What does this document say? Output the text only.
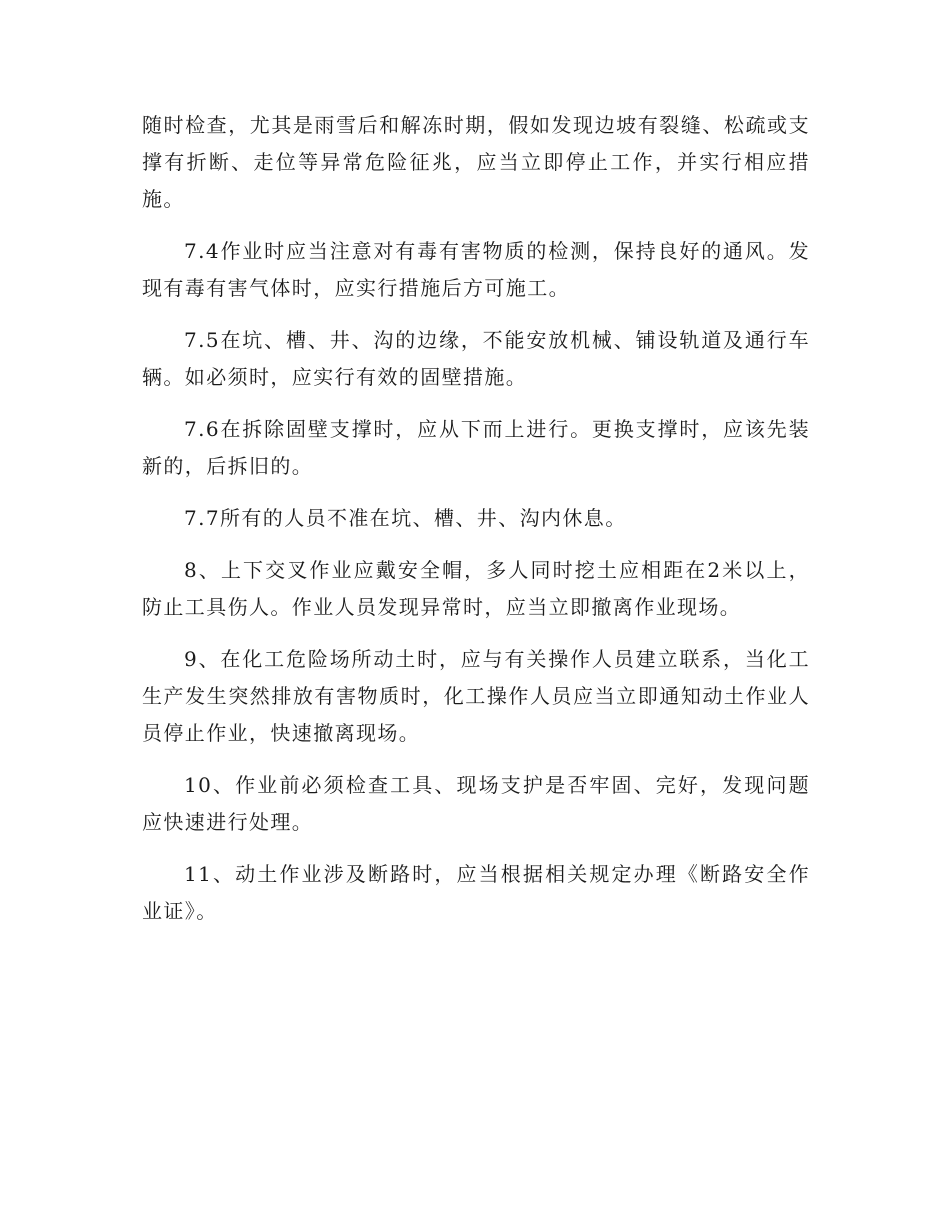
随时检查，尤其是雨雪后和解冻时期，假如发现边坡有裂缝、松疏或支撑有折断、走位等异常危险征兆，应当立即停止工作，并实行相应措施。

7.4作业时应当注意对有毒有害物质的检测，保持良好的通风。发现有毒有害气体时，应实行措施后方可施工。

7.5在坑、槽、井、沟的边缘，不能安放机械、铺设轨道及通行车辆。如必须时，应实行有效的固壁措施。

7.6在拆除固壁支撑时，应从下而上进行。更换支撑时，应该先装新的，后拆旧的。

7.7所有的人员不准在坑、槽、井、沟内休息。

8、上下交叉作业应戴安全帽，多人同时挖土应相距在2米以上，防止工具伤人。作业人员发现异常时，应当立即撤离作业现场。

9、在化工危险场所动土时，应与有关操作人员建立联系，当化工生产发生突然排放有害物质时，化工操作人员应当立即通知动土作业人员停止作业，快速撤离现场。

10、作业前必须检查工具、现场支护是否牢固、完好，发现问题应快速进行处理。

11、动土作业涉及断路时，应当根据相关规定办理《断路安全作业证》。
